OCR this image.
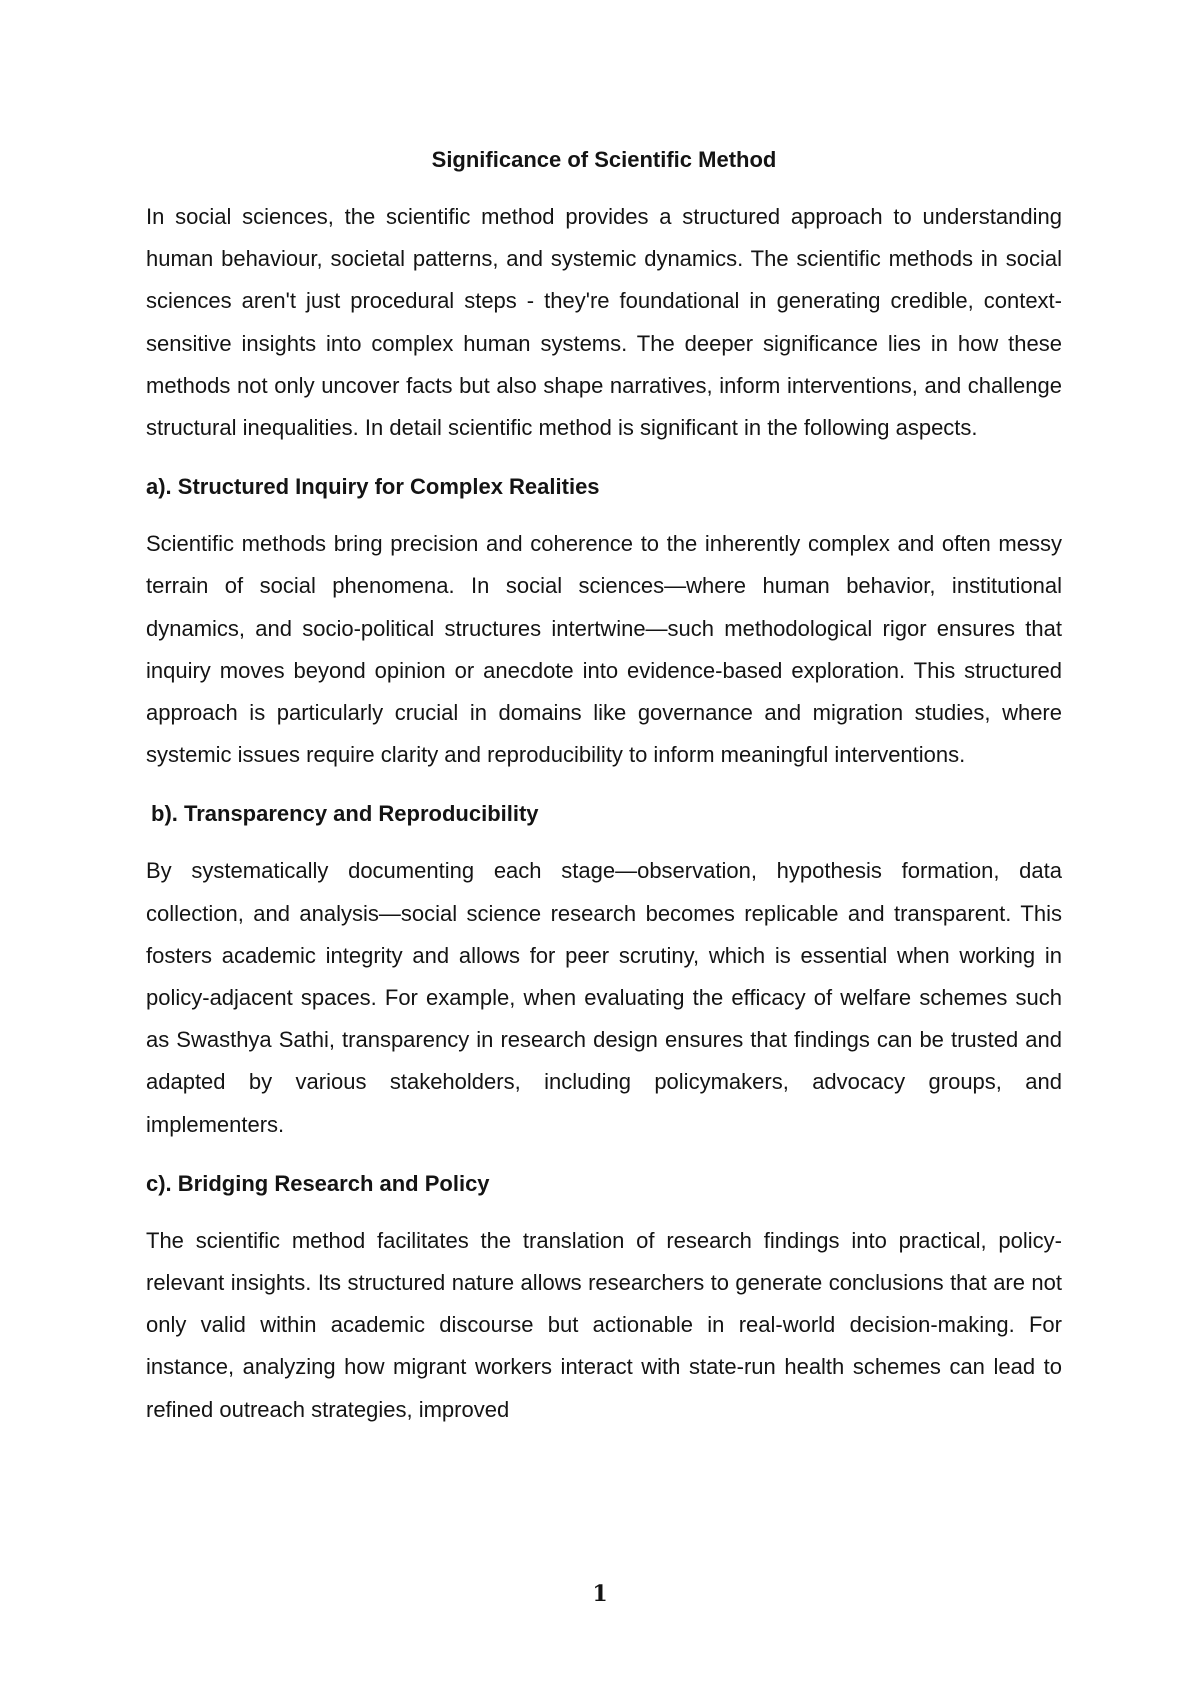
Significance of Scientific Method

In social sciences, the scientific method provides a structured approach to understanding human behaviour, societal patterns, and systemic dynamics. The scientific methods in social sciences aren't just procedural steps - they're foundational in generating credible, context-sensitive insights into complex human systems. The deeper significance lies in how these methods not only uncover facts but also shape narratives, inform interventions, and challenge structural inequalities. In detail scientific method is significant in the following aspects.

a). Structured Inquiry for Complex Realities

Scientific methods bring precision and coherence to the inherently complex and often messy terrain of social phenomena. In social sciences—where human behavior, institutional dynamics, and socio-political structures intertwine—such methodological rigor ensures that inquiry moves beyond opinion or anecdote into evidence-based exploration. This structured approach is particularly crucial in domains like governance and migration studies, where systemic issues require clarity and reproducibility to inform meaningful interventions.

b). Transparency and Reproducibility

By systematically documenting each stage—observation, hypothesis formation, data collection, and analysis—social science research becomes replicable and transparent. This fosters academic integrity and allows for peer scrutiny, which is essential when working in policy-adjacent spaces. For example, when evaluating the efficacy of welfare schemes such as Swasthya Sathi, transparency in research design ensures that findings can be trusted and adapted by various stakeholders, including policymakers, advocacy groups, and implementers.

c). Bridging Research and Policy

The scientific method facilitates the translation of research findings into practical, policy-relevant insights. Its structured nature allows researchers to generate conclusions that are not only valid within academic discourse but actionable in real-world decision-making. For instance, analyzing how migrant workers interact with state-run health schemes can lead to refined outreach strategies, improved

1
